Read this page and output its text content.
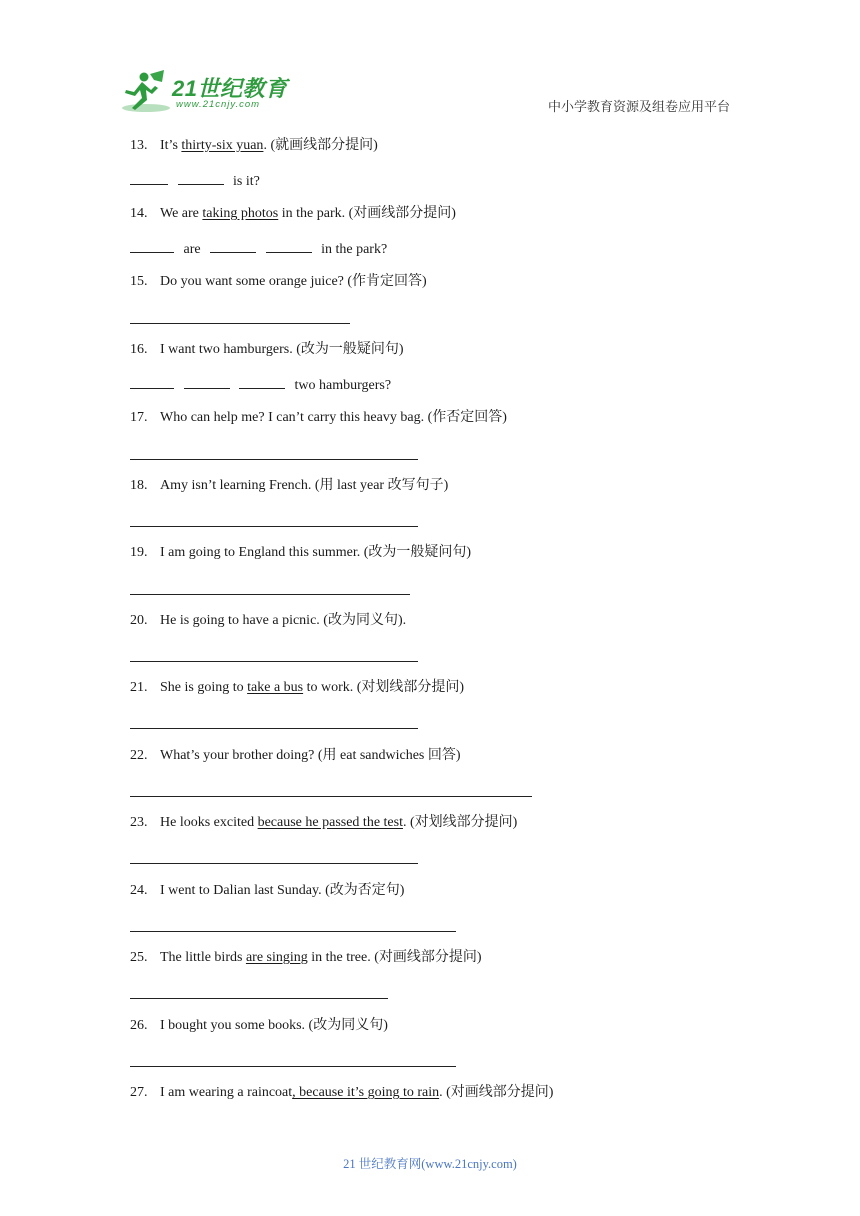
21世纪教育
www.21cnjy.com	中小学教育资源及组卷应用平台
13. It’s thirty-six yuan. (就画线部分提问)
is it?
14. We are taking photos in the park. (对画线部分提问)
are	in the park?
15. Do you want some orange juice? (作肯定回答)
16. I want two hamburgers. (改为一般疑问句)
two hamburgers?
17. Who can help me? I can’t carry this heavy bag. (作否定回答)
18. Amy isn’t learning French. (用 last year 改写句子)
19. I am going to England this summer. (改为一般疑问句)
20. He is going to have a picnic. (改为同义句).
21. She is going to take a bus to work. (对划线部分提问)
22. What’s your brother doing? (用 eat sandwiches 回答)
23. He looks excited because he passed the test. (对划线部分提问)
24. I went to Dalian last Sunday. (改为否定句)
25. The little birds are singing in the tree. (对画线部分提问)
26. I bought you some books. (改为同义句)
27. I am wearing a raincoat, because it’s going to rain. (对画线部分提问)
21 世纪教育网(www.21cnjy.com)
